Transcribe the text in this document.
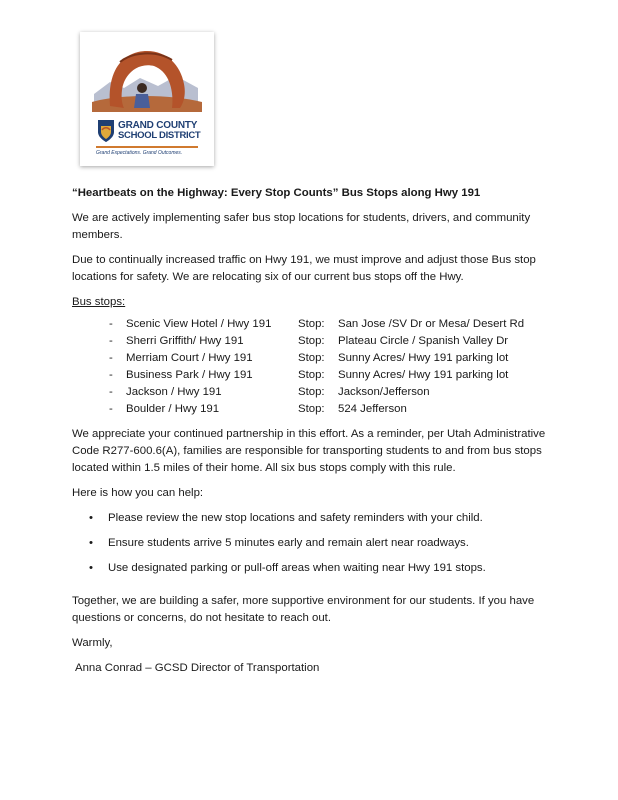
GRAND COUNTY
SCHOOL DISTRICT
Grand Expectations. Grand Outcomes.
“Heartbeats on the Highway: Every Stop Counts” Bus Stops along Hwy 191

We are actively implementing safer bus stop locations for students, drivers, and community members.

Due to continually increased traffic on Hwy 191, we must improve and adjust those Bus stop locations for safety. We are relocating six of our current bus stops off the Hwy.

Bus stops:
-	Scenic View Hotel / Hwy 191	Stop:	San Jose /SV Dr or Mesa/ Desert Rd
-	Sherri Griffith/ Hwy 191	Stop:	Plateau Circle / Spanish Valley Dr
-	Merriam Court / Hwy 191	Stop:	Sunny Acres/ Hwy 191 parking lot
-	Business Park / Hwy 191	Stop:	Sunny Acres/ Hwy 191 parking lot
-	Jackson / Hwy 191	Stop:	Jackson/Jefferson
-	Boulder / Hwy 191	Stop:	524 Jefferson

We appreciate your continued partnership in this effort. As a reminder, per Utah Administrative Code R277-600.6(A), families are responsible for transporting students to and from bus stops located within 1.5 miles of their home. All six bus stops comply with this rule.

Here is how you can help:

•	Please review the new stop locations and safety reminders with your child.
•	Ensure students arrive 5 minutes early and remain alert near roadways.
•	Use designated parking or pull-off areas when waiting near Hwy 191 stops.

Together, we are building a safer, more supportive environment for our students. If you have questions or concerns, do not hesitate to reach out.

Warmly,

Anna Conrad – GCSD Director of Transportation
